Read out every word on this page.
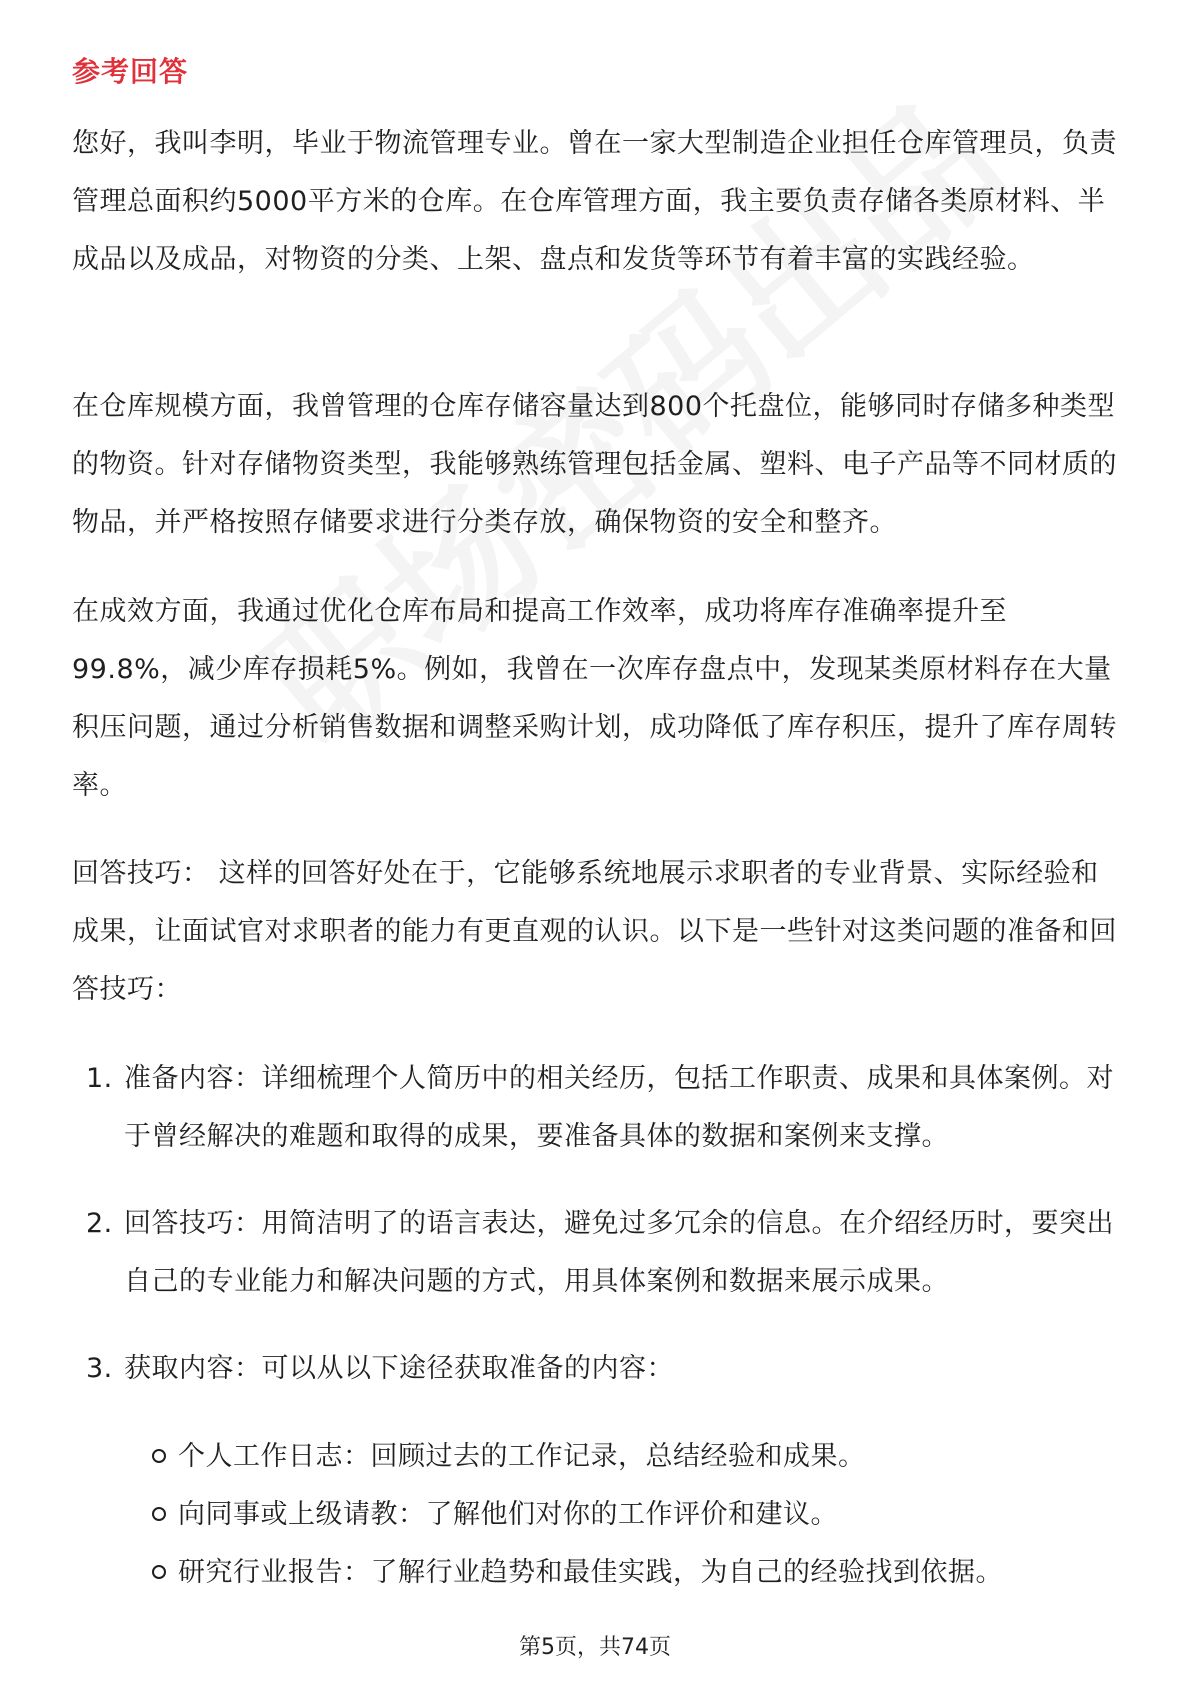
参考回答
您好，我叫李明，毕业于物流管理专业。曾在一家大型制造企业担任仓库管理员，负责管理总面积约5000平方米的仓库。在仓库管理方面，我主要负责存储各类原材料、半成品以及成品，对物资的分类、上架、盘点和发货等环节有着丰富的实践经验。
在仓库规模方面，我曾管理的仓库存储容量达到800个托盘位，能够同时存储多种类型的物资。针对存储物资类型，我能够熟练管理包括金属、塑料、电子产品等不同材质的物品，并严格按照存储要求进行分类存放，确保物资的安全和整齐。
在成效方面，我通过优化仓库布局和提高工作效率，成功将库存准确率提升至99.8%，减少库存损耗5%。例如，我曾在一次库存盘点中，发现某类原材料存在大量积压问题，通过分析销售数据和调整采购计划，成功降低了库存积压，提升了库存周转率。
回答技巧： 这样的回答好处在于，它能够系统地展示求职者的专业背景、实际经验和成果，让面试官对求职者的能力有更直观的认识。以下是一些针对这类问题的准备和回答技巧：
1. 准备内容：详细梳理个人简历中的相关经历，包括工作职责、成果和具体案例。对于曾经解决的难题和取得的成果，要准备具体的数据和案例来支撑。
2. 回答技巧：用简洁明了的语言表达，避免过多冗余的信息。在介绍经历时，要突出自己的专业能力和解决问题的方式，用具体案例和数据来展示成果。
3. 获取内容：可以从以下途径获取准备的内容：
个人工作日志：回顾过去的工作记录，总结经验和成果。
向同事或上级请教：了解他们对你的工作评价和建议。
研究行业报告：了解行业趋势和最佳实践，为自己的经验找到依据。
第5页，共74页
